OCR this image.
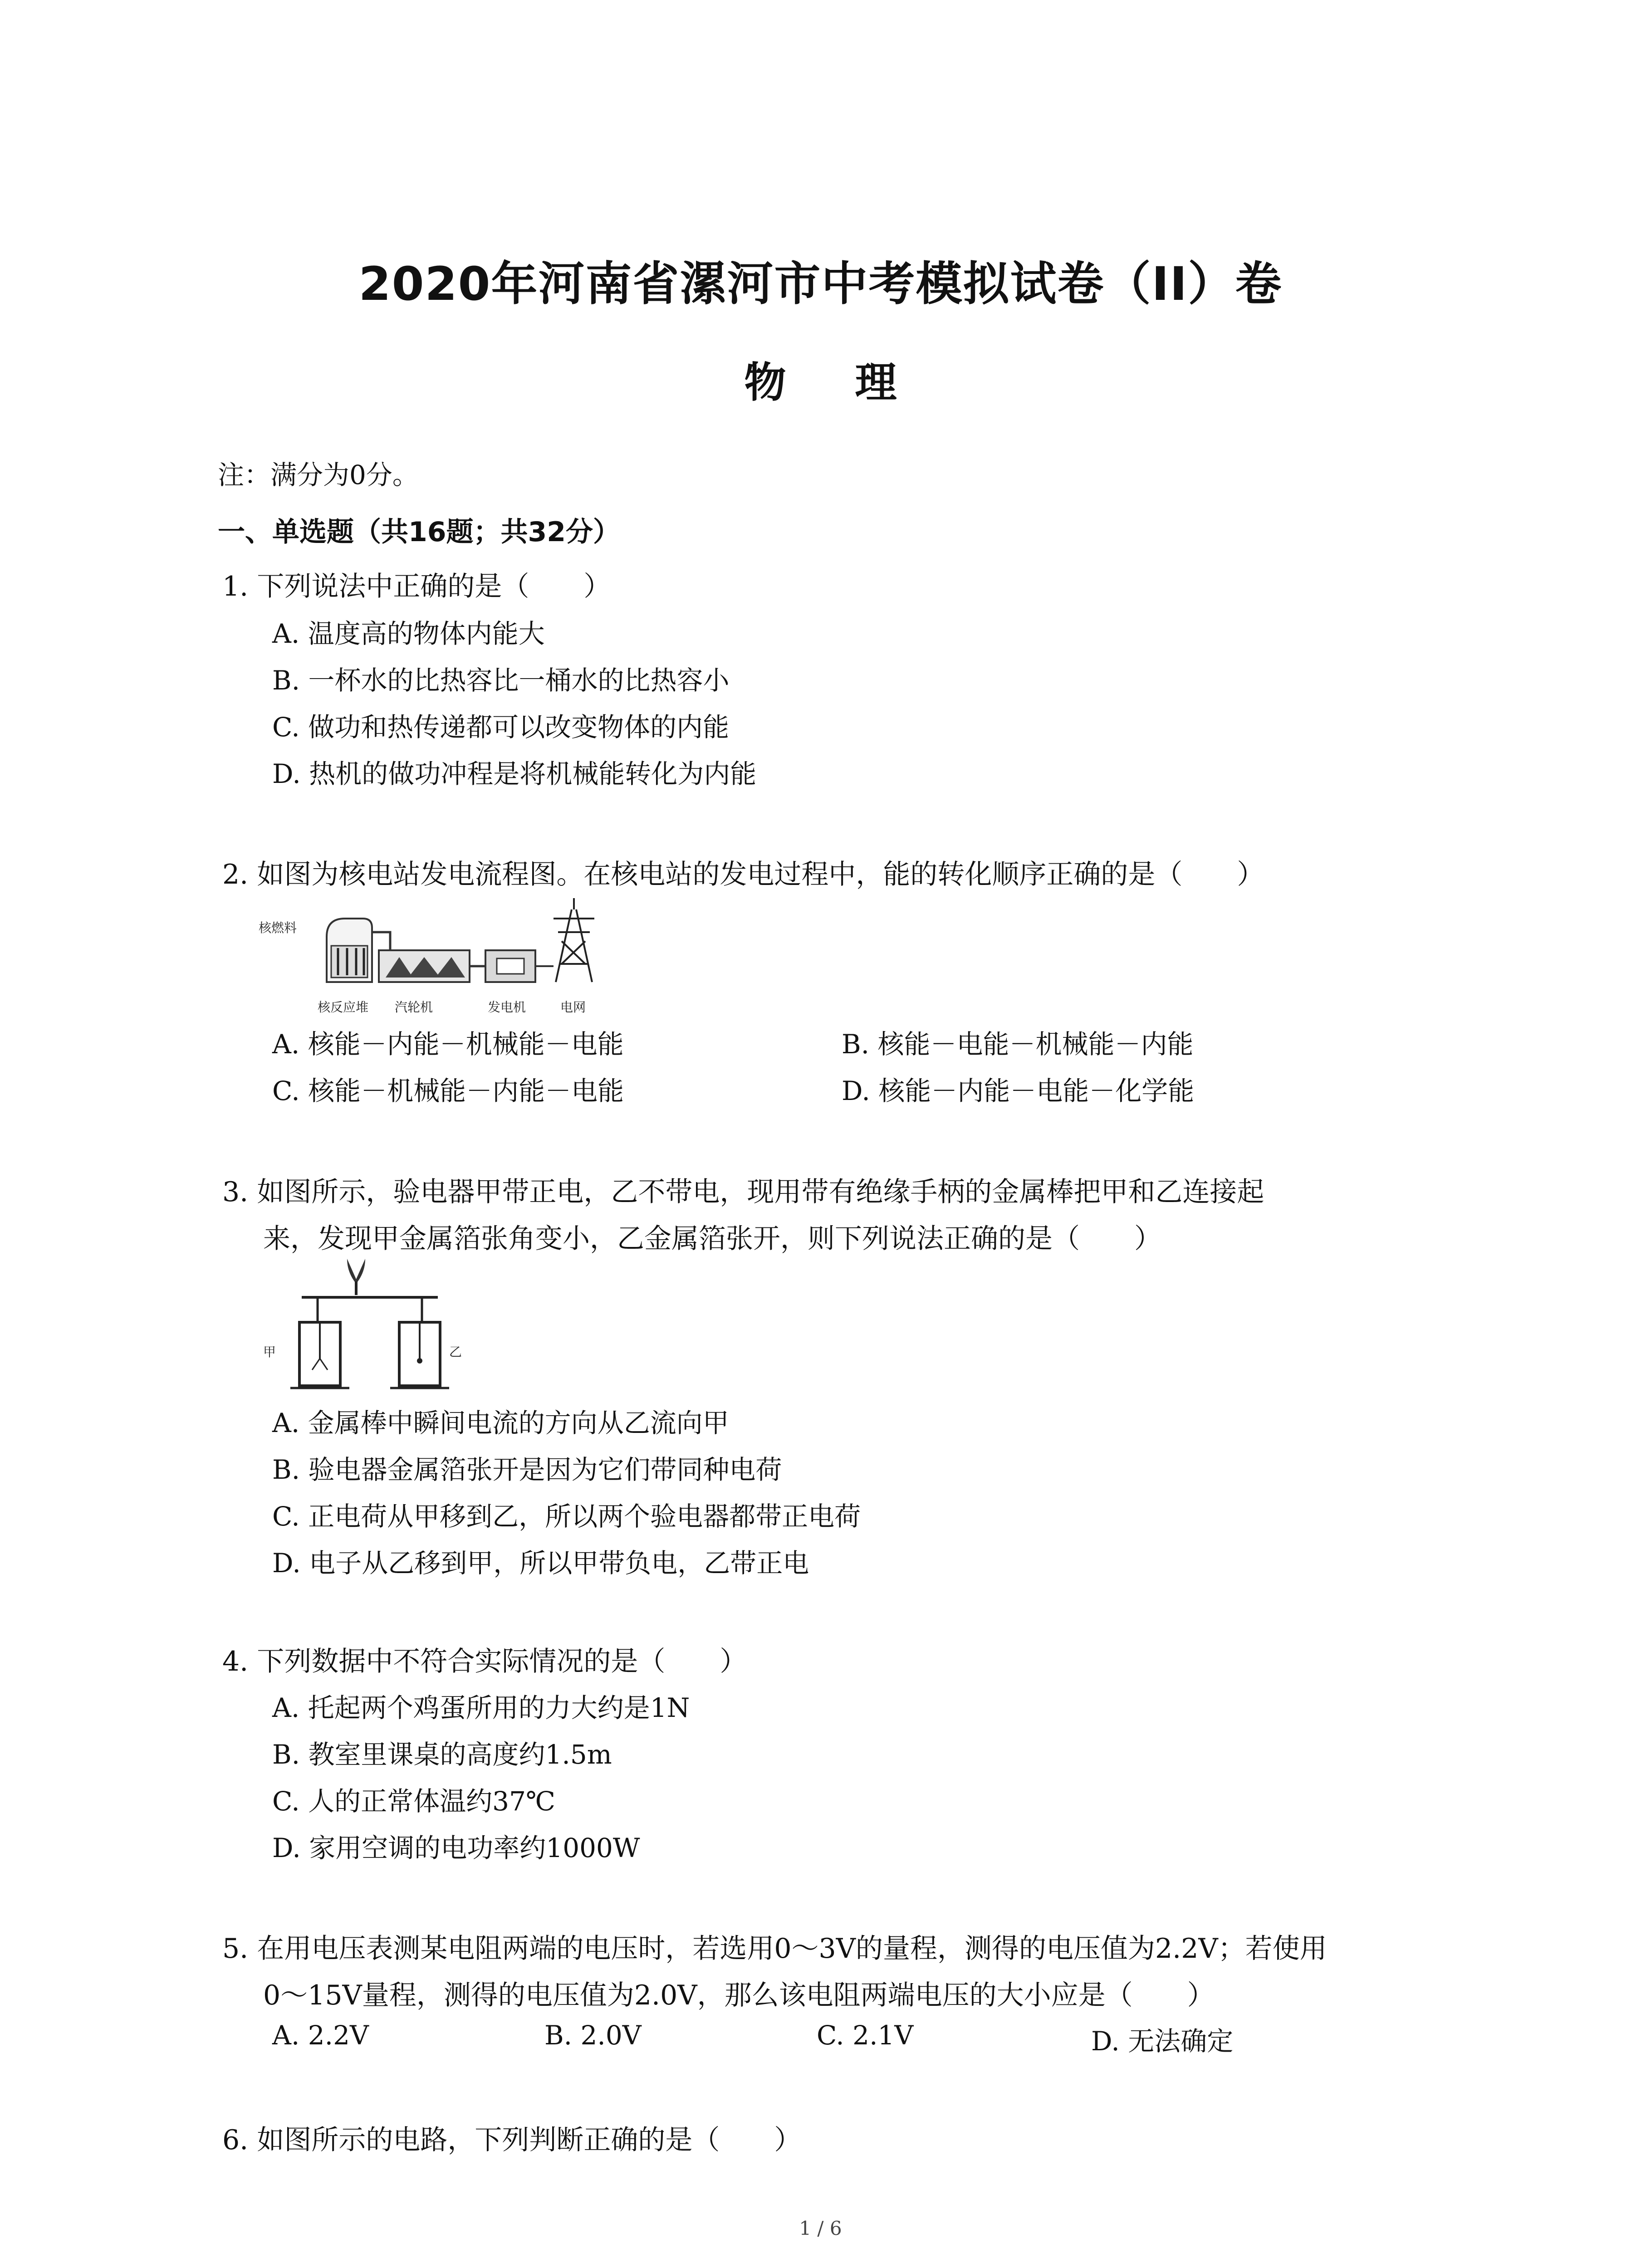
2020年河南省漯河市中考模拟试卷（II）卷
物 理
注：满分为0分。
一、单选题（共16题；共32分）
1. 下列说法中正确的是（　　）
A. 温度高的物体内能大
B. 一杯水的比热容比一桶水的比热容小
C. 做功和热传递都可以改变物体的内能
D. 热机的做功冲程是将机械能转化为内能
2. 如图为核电站发电流程图。在核电站的发电过程中，能的转化顺序正确的是（　　）
核燃料
核反应堆 汽轮机	发电机	电网
A. 核能－内能－机械能－电能	B. 核能－电能－机械能－内能
C. 核能－机械能－内能－电能	D. 核能－内能－电能－化学能
3. 如图所示，验电器甲带正电，乙不带电，现用带有绝缘手柄的金属棒把甲和乙连接起
来，发现甲金属箔张角变小，乙金属箔张开，则下列说法正确的是（　　）
甲	乙
A. 金属棒中瞬间电流的方向从乙流向甲
B. 验电器金属箔张开是因为它们带同种电荷
C. 正电荷从甲移到乙，所以两个验电器都带正电荷
D. 电子从乙移到甲，所以甲带负电，乙带正电
4. 下列数据中不符合实际情况的是（　　）
A. 托起两个鸡蛋所用的力大约是1N
B. 教室里课桌的高度约1.5m
C. 人的正常体温约37℃
D. 家用空调的电功率约1000W
5. 在用电压表测某电阻两端的电压时，若选用0～3V的量程，测得的电压值为2.2V；若使用
0～15V量程，测得的电压值为2.0V，那么该电阻两端电压的大小应是（　　）
A. 2.2V	B. 2.0V	C. 2.1V	D. 无法确定
6. 如图所示的电路，下列判断正确的是（　　）
1 / 6
